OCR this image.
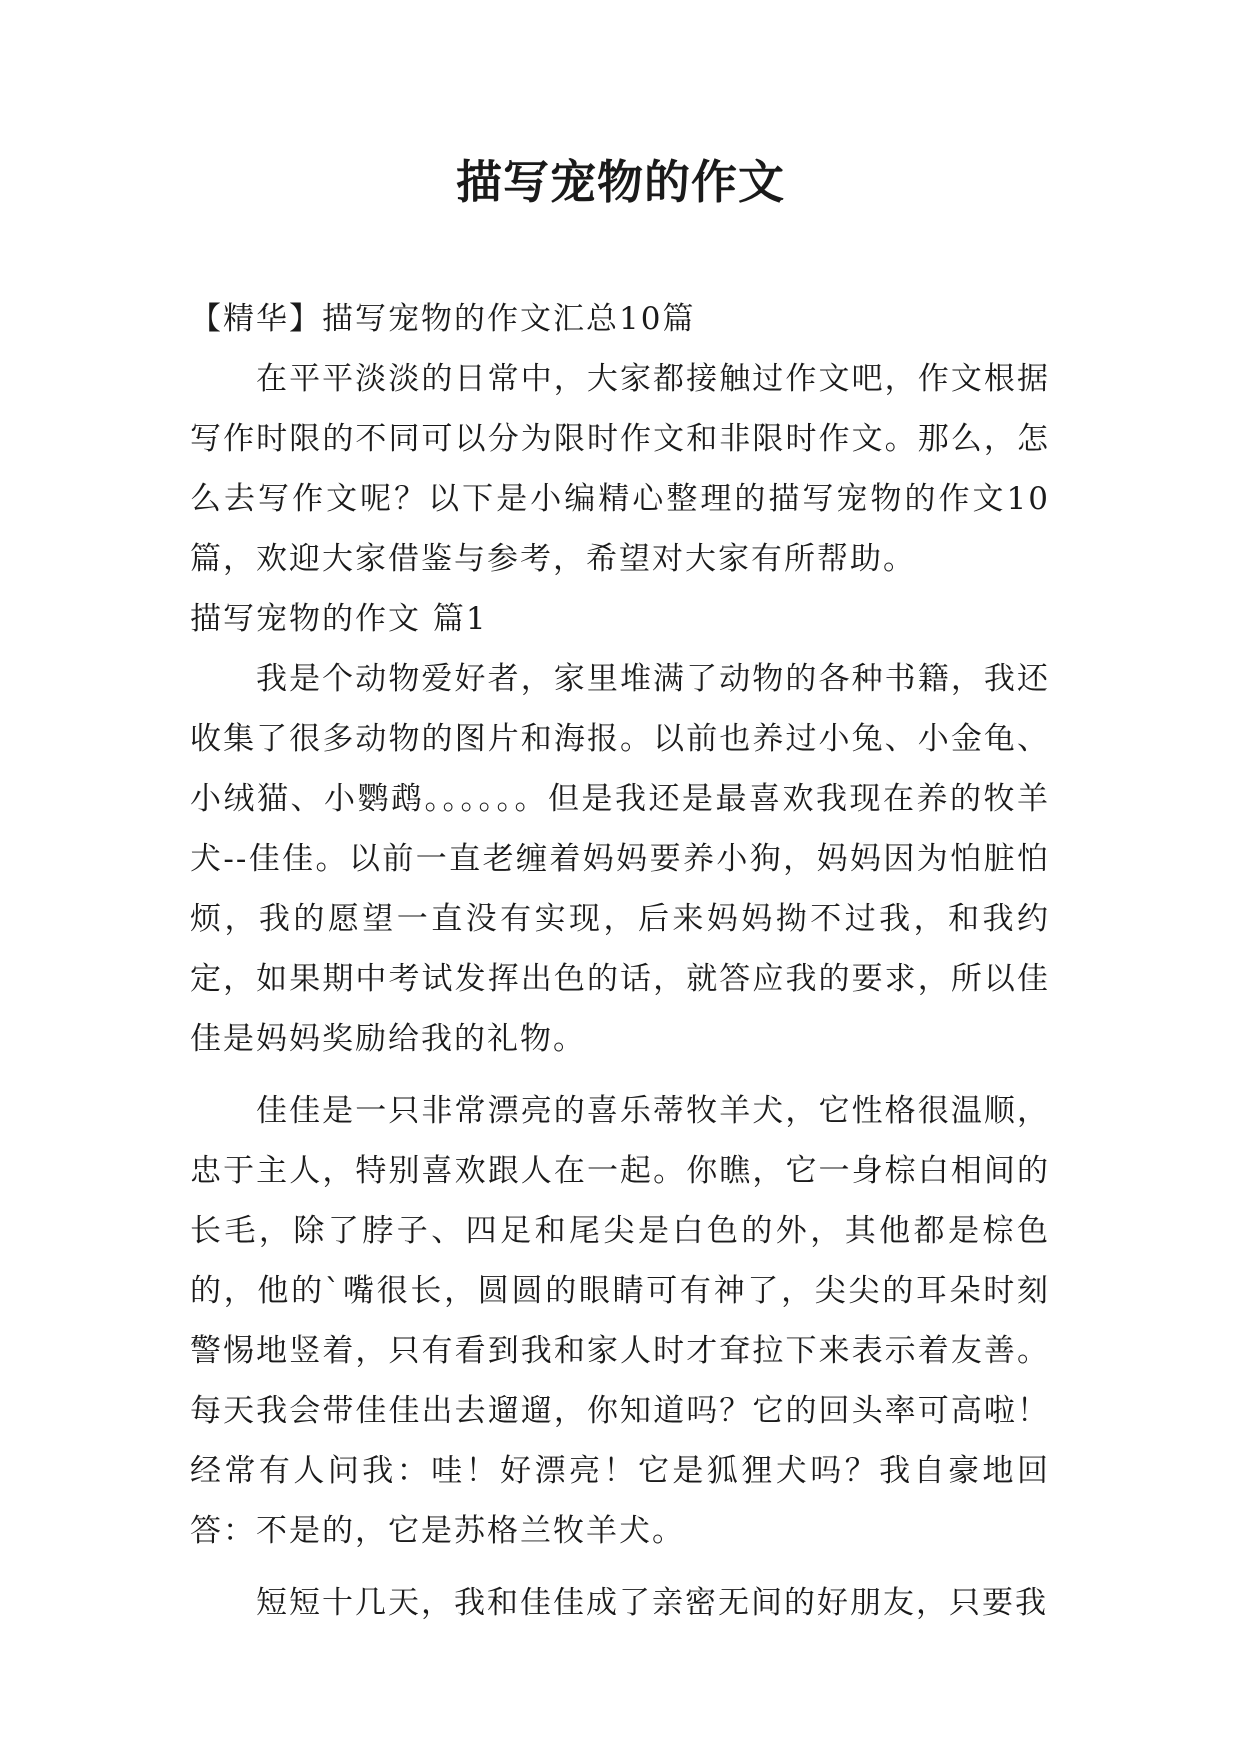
描写宠物的作文

【精华】描写宠物的作文汇总10篇

在平平淡淡的日常中，大家都接触过作文吧，作文根据写作时限的不同可以分为限时作文和非限时作文。那么，怎么去写作文呢？以下是小编精心整理的描写宠物的作文10篇，欢迎大家借鉴与参考，希望对大家有所帮助。

描写宠物的作文 篇1

我是个动物爱好者，家里堆满了动物的各种书籍，我还收集了很多动物的图片和海报。以前也养过小兔、小金龟、小绒猫、小鹦鹉。。。。。。但是我还是最喜欢我现在养的牧羊犬--佳佳。以前一直老缠着妈妈要养小狗，妈妈因为怕脏怕烦，我的愿望一直没有实现，后来妈妈拗不过我，和我约定，如果期中考试发挥出色的话，就答应我的要求，所以佳佳是妈妈奖励给我的礼物。

佳佳是一只非常漂亮的喜乐蒂牧羊犬，它性格很温顺，忠于主人，特别喜欢跟人在一起。你瞧，它一身棕白相间的长毛，除了脖子、四足和尾尖是白色的外，其他都是棕色的，他的`嘴很长，圆圆的眼睛可有神了，尖尖的耳朵时刻警惕地竖着，只有看到我和家人时才耷拉下来表示着友善。每天我会带佳佳出去遛遛，你知道吗？它的回头率可高啦！经常有人问我：哇！好漂亮！它是狐狸犬吗？我自豪地回答：不是的，它是苏格兰牧羊犬。

短短十几天，我和佳佳成了亲密无间的好朋友，只要我
